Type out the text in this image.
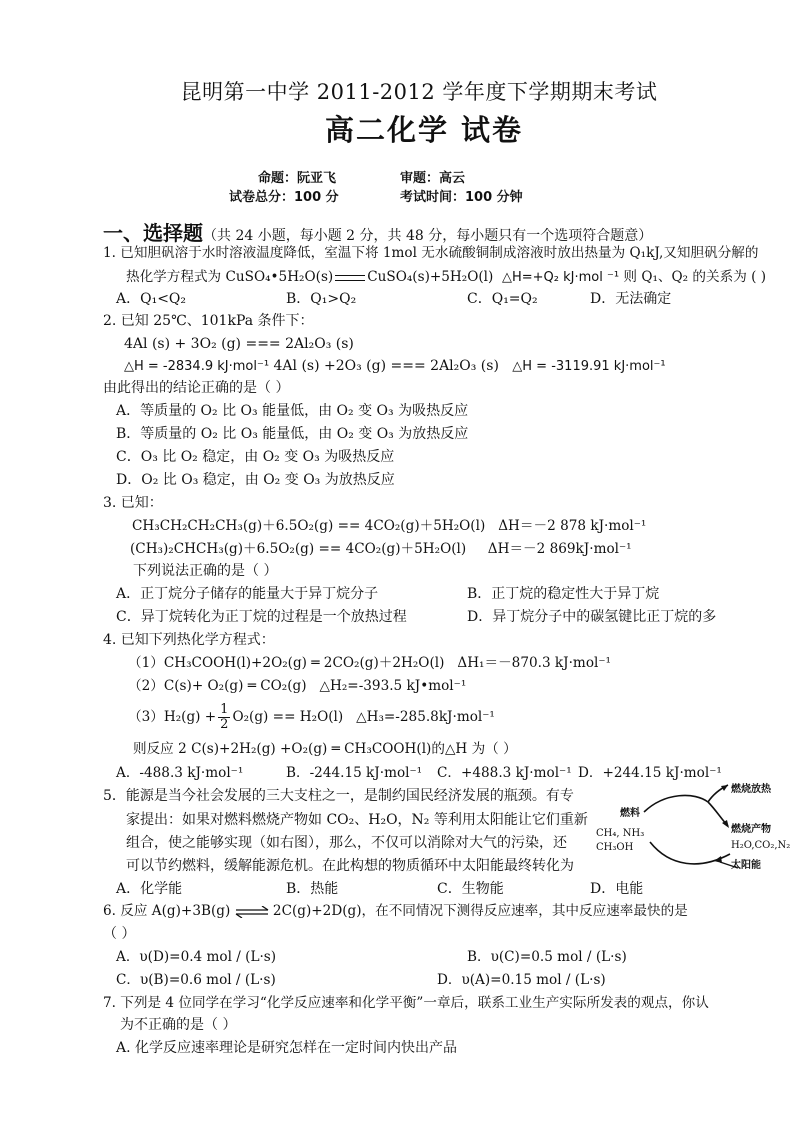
昆明第一中学 2011-2012 学年度下学期期末考试
高二化学 试卷
命题：阮亚飞	审题：高云
试卷总分：100 分	考试时间：100 分钟
一、选择题（共 24 小题，每小题 2 分，共 48 分，每小题只有一个选项符合题意）
1. 已知胆矾溶于水时溶液温度降低，室温下将 1mol 无水硫酸铜制成溶液时放出热量为 Q₁kJ,又知胆矾分解的
热化学方程式为 CuSO₄•5H₂O(s)	CuSO₄(s)+5H₂O(l) △H=+Q₂ kJ·mol ⁻¹ 则 Q₁、Q₂ 的关系为 ( )
A．Q₁<Q₂	B．Q₁>Q₂	C．Q₁=Q₂	D．无法确定
2. 已知 25℃、101kPa 条件下：
4Al (s) + 3O₂ (g) === 2Al₂O₃ (s)
△H = -2834.9 kJ·mol⁻¹ 4Al (s) +2O₃ (g) === 2Al₂O₃ (s) △H = -3119.91 kJ·mol⁻¹
由此得出的结论正确的是（ ）
A．等质量的 O₂ 比 O₃ 能量低，由 O₂ 变 O₃ 为吸热反应
B．等质量的 O₂ 比 O₃ 能量低，由 O₂ 变 O₃ 为放热反应
C．O₃ 比 O₂ 稳定，由 O₂ 变 O₃ 为吸热反应
D．O₂ 比 O₃ 稳定，由 O₂ 变 O₃ 为放热反应
3. 已知：
CH₃CH₂CH₂CH₃(g)＋6.5O₂(g) == 4CO₂(g)＋5H₂O(l) ΔH＝－2 878 kJ·mol⁻¹
(CH₃)₂CHCH₃(g)＋6.5O₂(g) == 4CO₂(g)＋5H₂O(l) ΔH＝－2 869kJ·mol⁻¹
下列说法正确的是（ ）
A．正丁烷分子储存的能量大于异丁烷分子	B．正丁烷的稳定性大于异丁烷
C．异丁烷转化为正丁烷的过程是一个放热过程	D．异丁烷分子中的碳氢键比正丁烷的多
4. 已知下列热化学方程式：
（1）CH₃COOH(l)+2O₂(g) ═ 2CO₂(g)＋2H₂O(l) ΔH₁＝－870.3 kJ·mol⁻¹
（2）C(s)+ O₂(g) ═ CO₂(g) △H₂=-393.5 kJ•mol⁻¹
$(3)H_2(g) + \frac{1}{2} O_2(g) == H_2O(l)$ △H₃=-285.8kJ·mol⁻¹
则反应 2 C(s)+2H₂(g) +O₂(g) ═ CH₃COOH(l)的△H 为（ ）
A．-488.3 kJ·mol⁻¹	B．-244.15 kJ·mol⁻¹ C．+488.3 kJ·mol⁻¹ D．+244.15 kJ·mol⁻¹
5．能源是当今社会发展的三大支柱之一，是制约国民经济发展的瓶颈。有专
家提出：如果对燃料燃烧产物如 CO₂、H₂O，N₂ 等利用太阳能让它们重新
组合，使之能够实现（如右图），那么，不仅可以消除对大气的污染，还
可以节约燃料，缓解能源危机。在此构想的物质循环中太阳能最终转化为
A．化学能	B．热能	C．生物能	D．电能
燃料
CH₄, NH₃
CH₃OH
燃烧放热
燃烧产物
H₂O,CO₂,N₂
太阳能
6. 反应 A(g)+3B(g) ⇌ 2C(g)+2D(g)，在不同情况下测得反应速率，其中反应速率最快的是
（ ）
A．υ(D)=0.4 mol / (L·s)	B．υ(C)=0.5 mol / (L·s)
C．υ(B)=0.6 mol / (L·s)	D．υ(A)=0.15 mol / (L·s)
7. 下列是 4 位同学在学习“化学反应速率和化学平衡”一章后，联系工业生产实际所发表的观点，你认
为不正确的是（ ）
A. 化学反应速率理论是研究怎样在一定时间内快出产品
